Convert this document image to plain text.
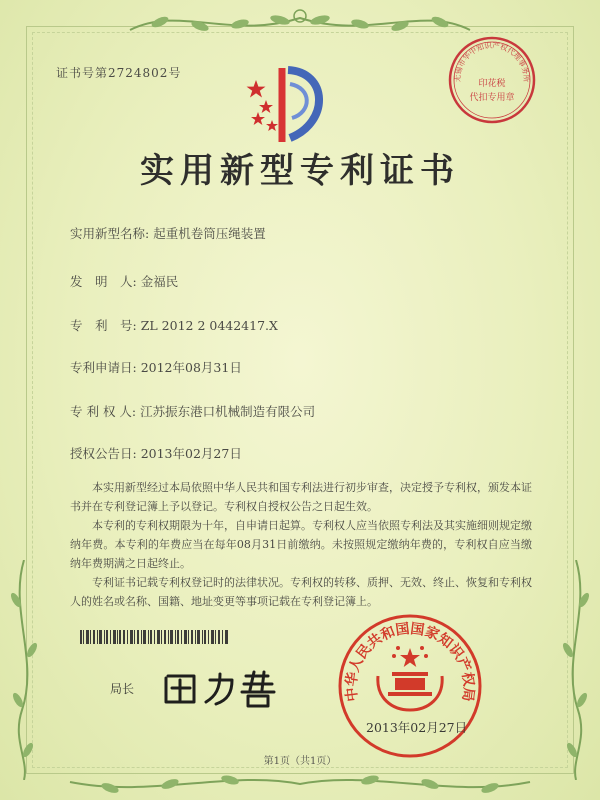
证书号第2724802号	无锡市华中知识产权代理事务所
印花税
代扣专用章
实用新型专利证书
实用新型名称: 起重机卷筒压绳装置
发　明　人: 金福民
专　利　号: ZL 2012 2 0442417.X
专利申请日: 2012年08月31日
专 利 权 人: 江苏振东港口机械制造有限公司
授权公告日: 2013年02月27日

本实用新型经过本局依照中华人民共和国专利法进行初步审查，决定授予专利权，颁发本证书并在专利登记簿上予以登记。专利权自授权公告之日起生效。

本专利的专利权期限为十年，自申请日起算。专利权人应当依照专利法及其实施细则规定缴纳年费。本专利的年费应当在每年08月31日前缴纳。未按照规定缴纳年费的，专利权自应当缴纳年费期满之日起终止。

专利证书记载专利权登记时的法律状况。专利权的转移、质押、无效、终止、恢复和专利权人的姓名或名称、国籍、地址变更等事项记载在专利登记簿上。

局长	中华人民共和国国家知识产权局
2013年02月27日
第1页（共1页）
